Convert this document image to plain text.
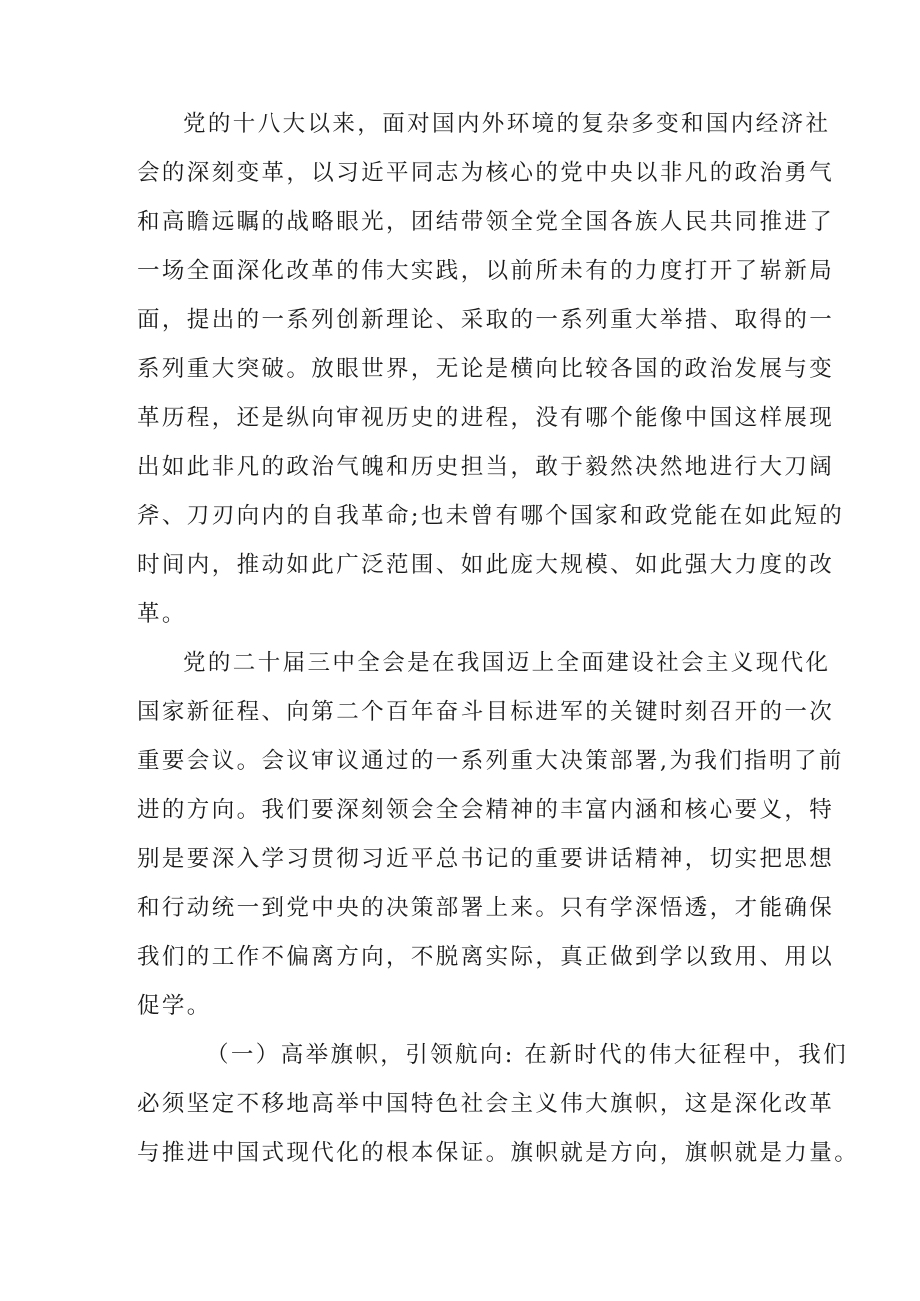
党的十八大以来，面对国内外环境的复杂多变和国内经济社
会的深刻变革，以习近平同志为核心的党中央以非凡的政治勇气
和高瞻远瞩的战略眼光，团结带领全党全国各族人民共同推进了
一场全面深化改革的伟大实践，以前所未有的力度打开了崭新局
面，提出的一系列创新理论、采取的一系列重大举措、取得的一
系列重大突破。放眼世界，无论是横向比较各国的政治发展与变
革历程，还是纵向审视历史的进程，没有哪个能像中国这样展现
出如此非凡的政治气魄和历史担当，敢于毅然决然地进行大刀阔
斧、刀刃向内的自我革命;也未曾有哪个国家和政党能在如此短的
时间内，推动如此广泛范围、如此庞大规模、如此强大力度的改
革。
党的二十届三中全会是在我国迈上全面建设社会主义现代化
国家新征程、向第二个百年奋斗目标进军的关键时刻召开的一次
重要会议。会议审议通过的一系列重大决策部署,为我们指明了前
进的方向。我们要深刻领会全会精神的丰富内涵和核心要义，特
别是要深入学习贯彻习近平总书记的重要讲话精神，切实把思想
和行动统一到党中央的决策部署上来。只有学深悟透，才能确保
我们的工作不偏离方向，不脱离实际，真正做到学以致用、用以
促学。
（一）高举旗帜，引领航向: 在新时代的伟大征程中，我们
必须坚定不移地高举中国特色社会主义伟大旗帜，这是深化改革
与推进中国式现代化的根本保证。旗帜就是方向，旗帜就是力量。
